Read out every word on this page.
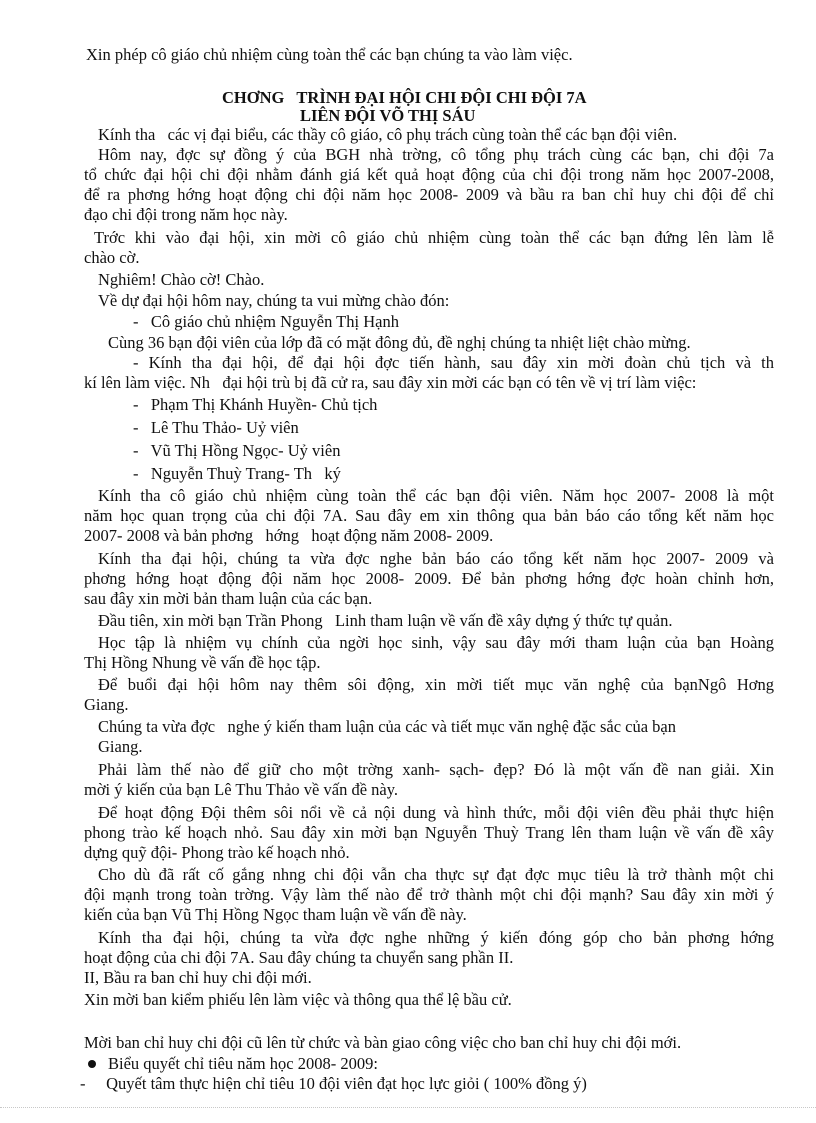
Xin phép cô giáo chủ nhiệm cùng toàn thể các bạn chúng ta vào làm việc.
CHƠNG   TRÌNH ĐẠI HỘI CHI ĐỘI CHI ĐỘI 7A
LIÊN ĐỘI VÕ THỊ SÁU
Kính tha   các vị đại biểu, các thầy cô giáo, cô phụ trách cùng toàn thể các bạn đội viên.
Hôm nay, đợc sự đồng ý của BGH nhà trờng, cô tổng phụ trách cùng các bạn, chi đội 7a
tổ chức đại hội chi đội nhằm đánh giá kết quả hoạt động của chi đội trong năm học 2007-2008,
để ra phơng hớng hoạt động chi đội năm học 2008- 2009 và bầu ra ban chỉ huy chi đội để chỉ
đạo chi đội trong năm học này.
Trớc khi vào đại hội, xin mời cô giáo chủ nhiệm cùng toàn thể các bạn đứng lên làm lễ
chào cờ.
Nghiêm! Chào cờ! Chào.
Về dự đại hội hôm nay, chúng ta vui mừng chào đón:
-   Cô giáo chủ nhiệm Nguyễn Thị Hạnh
Cùng 36 bạn đội viên của lớp đã có mặt đông đủ, đề nghị chúng ta nhiệt liệt chào mừng.
- Kính tha đại hội, để đại hội đợc tiến hành, sau đây xin mời đoàn chủ tịch và th
kí lên làm việc. Nh   đại hội trù bị đã cử ra, sau đây xin mời các bạn có tên về vị trí làm việc:
-   Phạm Thị Khánh Huyền- Chủ tịch
-   Lê Thu Thảo- Uỷ viên
-   Vũ Thị Hồng Ngọc- Uỷ viên
-   Nguyễn Thuỳ Trang- Th   ký
Kính tha cô giáo chủ nhiệm cùng toàn thể các bạn đội viên. Năm học 2007- 2008 là một
năm học quan trọng của chi đội 7A. Sau đây em xin thông qua bản báo cáo tổng kết năm học
2007- 2008 và bản phơng   hớng   hoạt động năm 2008- 2009.
Kính tha đại hội, chúng ta vừa đợc nghe bản báo cáo tổng kết năm học 2007- 2009 và
phơng hớng hoạt động đội năm học 2008- 2009. Để bản phơng hớng đợc hoàn chỉnh hơn,
sau đây xin mời bản tham luận của các bạn.
Đầu tiên, xin mời bạn Trần Phong   Linh tham luận về vấn đề xây dựng ý thức tự quản.
Học tập là nhiệm vụ chính của ngời học sinh, vậy sau đây mới tham luận của bạn Hoàng
Thị Hồng Nhung về vấn đề học tập.
Để buổi đại hội hôm nay thêm sôi động, xin mời tiết mục văn nghệ của bạnNgô Hơng
Giang.
Chúng ta vừa đợc   nghe ý kiến tham luận của các và tiết mục văn nghệ đặc sắc của bạn
Giang.
Phải làm thế nào để giữ cho một trờng xanh- sạch- đẹp? Đó là một vấn đề nan giải. Xin
mời ý kiến của bạn Lê Thu Thảo về vấn đề này.
Để hoạt động Đội thêm sôi nổi về cả nội dung và hình thức, mỗi đội viên đều phải thực hiện
phong trào kế hoạch nhỏ. Sau đây xin mời bạn Nguyễn Thuỳ Trang lên tham luận về vấn đề xây
dựng quỹ đội- Phong trào kế hoạch nhỏ.
Cho dù đã rất cố gắng nhng chi đội vẫn cha thực sự đạt đợc mục tiêu là trở thành một chi
đội mạnh trong toàn trờng. Vậy làm thế nào để trở thành một chi đội mạnh? Sau đây xin mời ý
kiến của bạn Vũ Thị Hồng Ngọc tham luận về vấn đề này.
Kính tha đại hội, chúng ta vừa đợc nghe những ý kiến đóng góp cho bản phơng hớng
hoạt động của chi đội 7A. Sau đây chúng ta chuyển sang phần II.
II, Bầu ra ban chỉ huy chi đội mới.
Xin mời ban kiểm phiếu lên làm việc và thông qua thể lệ bầu cử.
Mời ban chỉ huy chi đội cũ lên từ chức và bàn giao công việc cho ban chỉ huy chi đội mới.
Biểu quyết chỉ tiêu năm học 2008- 2009:
-     Quyết tâm thực hiện chỉ tiêu 10 đội viên đạt học lực giỏi ( 100% đồng ý)
